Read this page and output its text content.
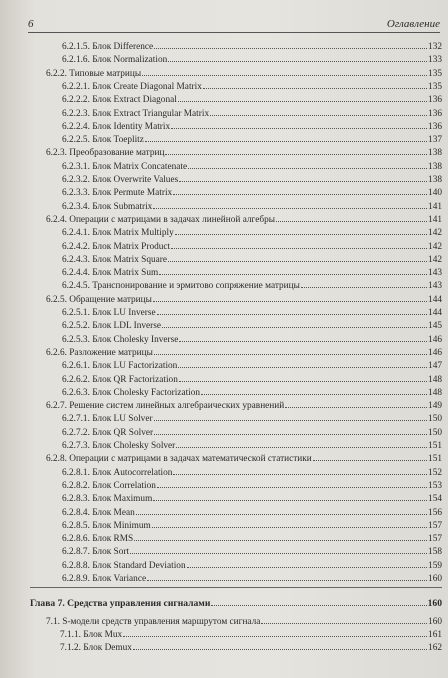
6	Оглавление
6.2.1.5. Блок Difference	132
6.2.1.6. Блок Normalization	133
6.2.2. Типовые матрицы	135
6.2.2.1. Блок Create Diagonal Matrix	135
6.2.2.2. Блок Extract Diagonal	136
6.2.2.3. Блок Extract Triangular Matrix	136
6.2.2.4. Блок Identity Matrix	136
6.2.2.5. Блок Toeplitz	137
6.2.3. Преобразование матриц	138
6.2.3.1. Блок Matrix Concatenate	138
6.2.3.2. Блок Overwrite Values	138
6.2.3.3. Блок Permute Matrix	140
6.2.3.4. Блок Submatrix	141
6.2.4. Операции с матрицами в задачах линейной алгебры	141
6.2.4.1. Блок Matrix Multiply	142
6.2.4.2. Блок Matrix Product	142
6.2.4.3. Блок Matrix Square	142
6.2.4.4. Блок Matrix Sum	143
6.2.4.5. Транспонирование и эрмитово сопряжение матрицы	143
6.2.5. Обращение матрицы	144
6.2.5.1. Блок LU Inverse	144
6.2.5.2. Блок LDL Inverse	145
6.2.5.3. Блок Cholesky Inverse	146
6.2.6. Разложение матрицы	146
6.2.6.1. Блок LU Factorization	147
6.2.6.2. Блок QR Factorization	148
6.2.6.3. Блок Cholesky Factorization	148
6.2.7. Решение систем линейных алгебраических уравнений	149
6.2.7.1. Блок LU Solver	150
6.2.7.2. Блок QR Solver	150
6.2.7.3. Блок Cholesky Solver	151
6.2.8. Операции с матрицами в задачах математической статистики	151
6.2.8.1. Блок Autocorrelation	152
6.2.8.2. Блок Correlation	153
6.2.8.3. Блок Maximum	154
6.2.8.4. Блок Mean	156
6.2.8.5. Блок Minimum	157
6.2.8.6. Блок RMS	157
6.2.8.7. Блок Sort	158
6.2.8.8. Блок Standard Deviation	159
6.2.8.9. Блок Variance	160
Глава 7. Средства управления сигналами	160
7.1. S-модели средств управления маршрутом сигнала	160
7.1.1. Блок Mux	161
7.1.2. Блок Demux	162
